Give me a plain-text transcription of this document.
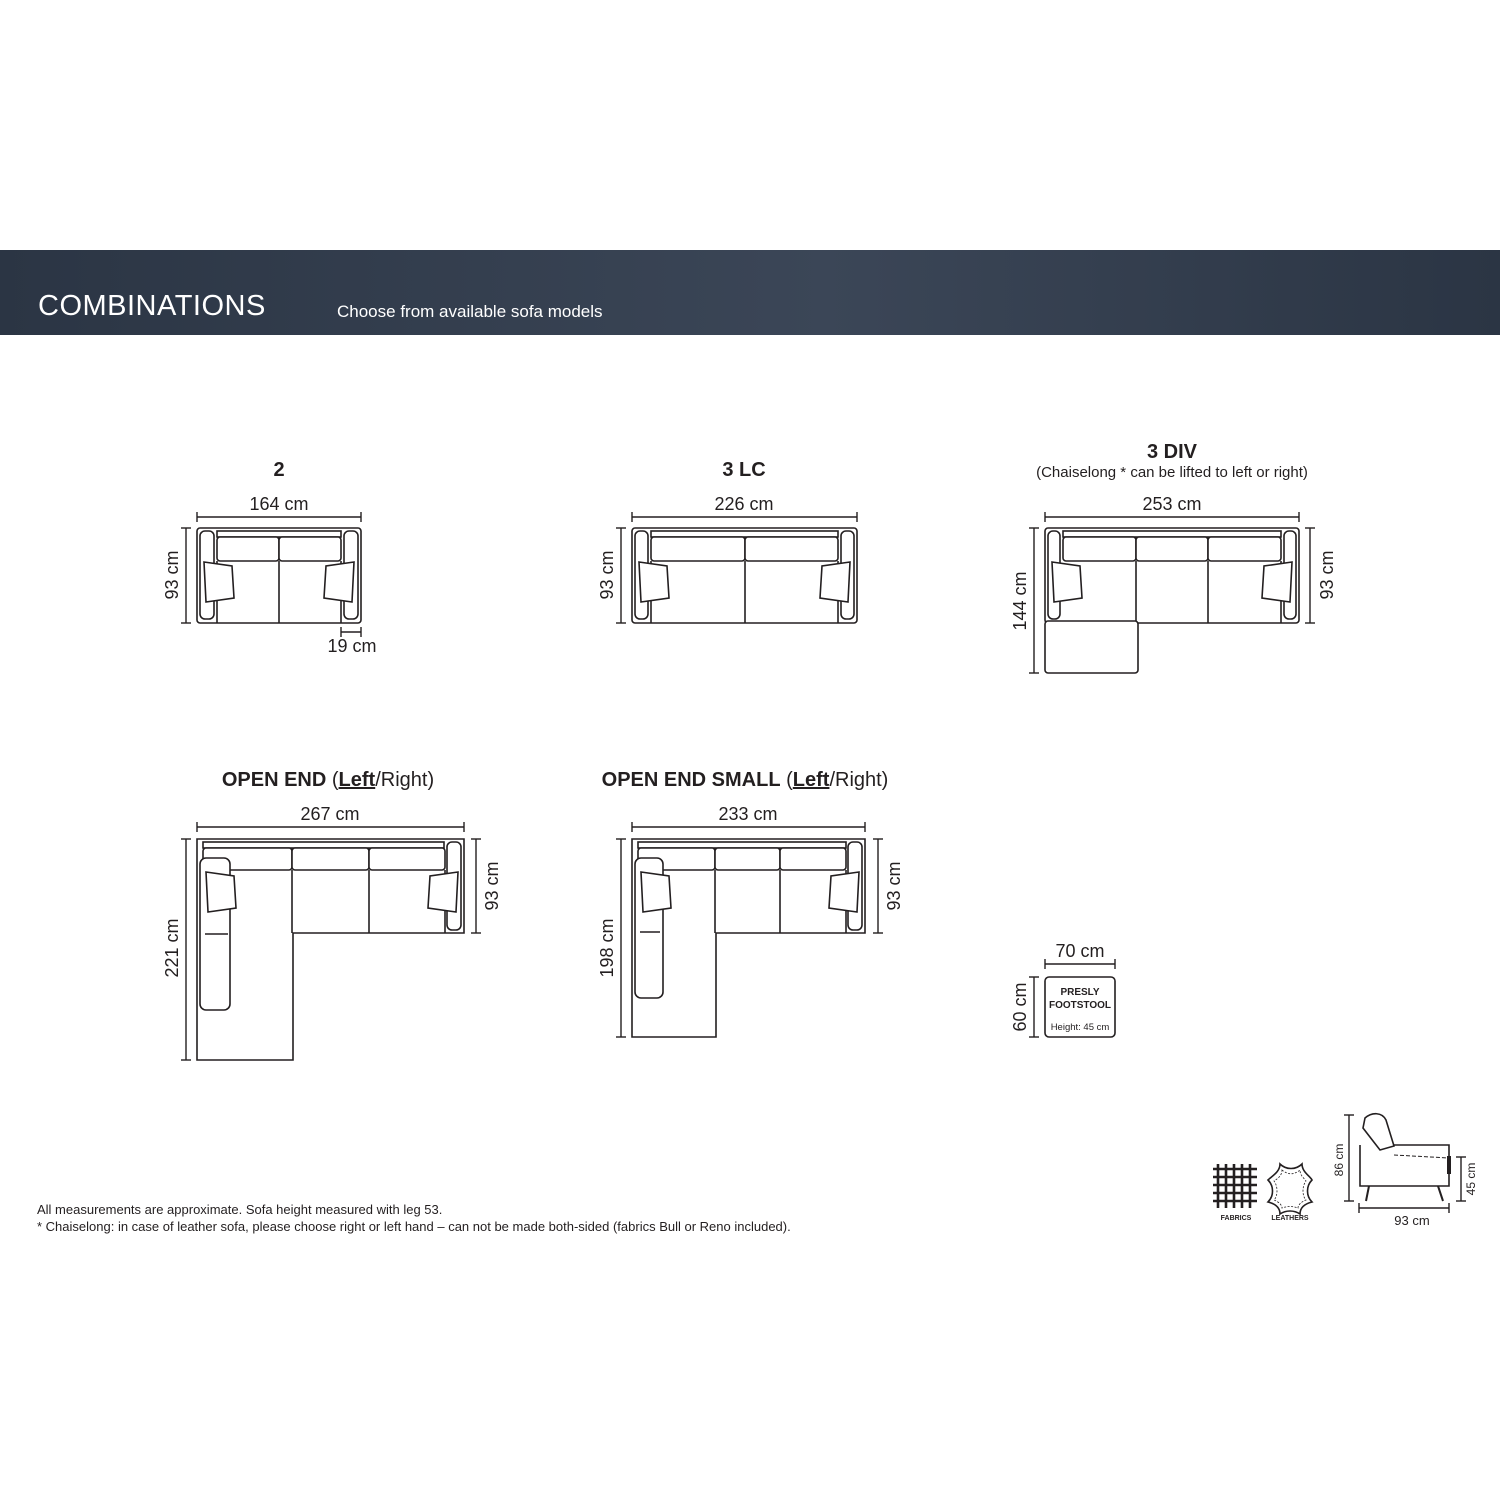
COMBINATIONS	Choose from available sofa models
2
164 cm
93 cm
19 cm
3 LC
226 cm
93 cm
3 DIV
(Chaiselong * can be lifted to left or right)
253 cm
144 cm	93 cm
OPEN END (Left/Right)
267 cm
221 cm
93 cm
OPEN END SMALL (Left/Right)
233 cm
198 cm
93 cm
70 cm
60 cm	PRESLY
FOOTSTOOL
Height: 45 cm
FABRICS	LEATHERS
86 cm
93 cm
45 cm
All measurements are approximate. Sofa height measured with leg 53.
* Chaiselong: in case of leather sofa, please choose right or left hand – can not be made both-sided (fabrics Bull or Reno included).
